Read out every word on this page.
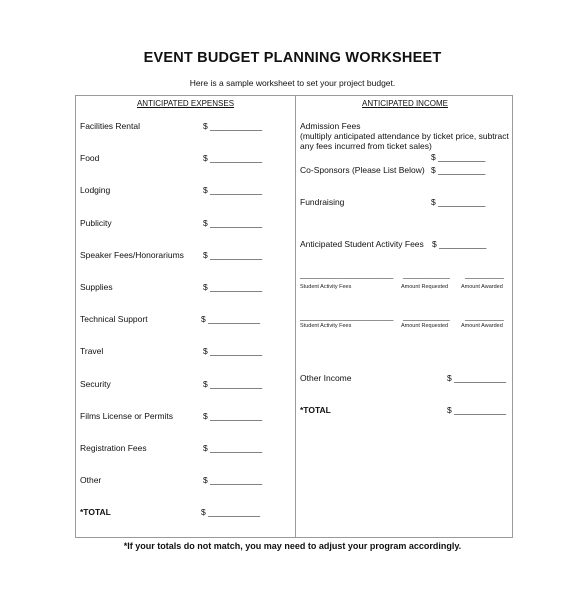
EVENT BUDGET PLANNING WORKSHEET
Here is a sample worksheet to set your project budget.
ANTICIPATED EXPENSES
Facilities Rental	$ ___________
Food	$ ___________
Lodging	$ ___________
Publicity	$ ___________
Speaker Fees/Honorariums $ ___________
Supplies	$ ___________
Technical Support	$ ___________
Travel	$ ___________
Security	$ ___________
Films License or Permits	$ ___________
Registration Fees	$ ___________
Other	$ ___________
*TOTAL	$ ___________
ANTICIPATED INCOME
Admission Fees
(multiply anticipated attendance by ticket price, subtract
any fees incurred from ticket sales)
$ __________
Co-Sponsors (Please List Below) $ __________
Fundraising	$ __________
Anticipated Student Activity Fees $ __________
________________________ ____________ __________
Student Activity Fees	Amount Requested Amount Awarded
________________________ ____________ __________
Student Activity Fees	Amount Requested Amount Awarded
Other Income	$ ___________
*TOTAL	$ ___________
*If your totals do not match, you may need to adjust your program accordingly.
